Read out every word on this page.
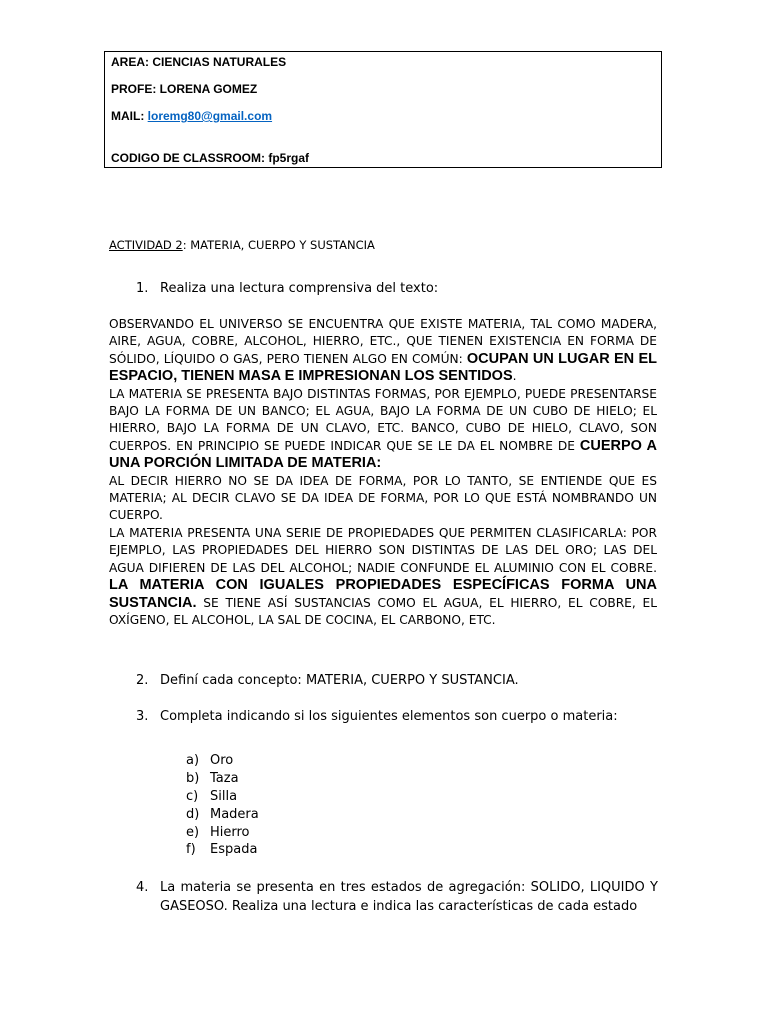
AREA: CIENCIAS NATURALES
PROFE: LORENA GOMEZ
MAIL: loremg80@gmail.com
CODIGO DE CLASSROOM: fp5rgaf
ACTIVIDAD 2: MATERIA, CUERPO Y SUSTANCIA
1. Realiza una lectura comprensiva del texto:

OBSERVANDO EL UNIVERSO SE ENCUENTRA QUE EXISTE MATERIA, TAL COMO MADERA, AIRE, AGUA, COBRE, ALCOHOL, HIERRO, ETC., QUE TIENEN EXISTENCIA EN FORMA DE SÓLIDO, LÍQUIDO O GAS, PERO TIENEN ALGO EN COMÚN: OCUPAN UN LUGAR EN EL ESPACIO, TIENEN MASA E IMPRESIONAN LOS SENTIDOS.

LA MATERIA SE PRESENTA BAJO DISTINTAS FORMAS, POR EJEMPLO, PUEDE PRESENTARSE BAJO LA FORMA DE UN BANCO; EL AGUA, BAJO LA FORMA DE UN CUBO DE HIELO; EL HIERRO, BAJO LA FORMA DE UN CLAVO, ETC. BANCO, CUBO DE HIELO, CLAVO, SON CUERPOS. EN PRINCIPIO SE PUEDE INDICAR QUE SE LE DA EL NOMBRE DE CUERPO A UNA PORCIÓN LIMITADA DE MATERIA:

AL DECIR HIERRO NO SE DA IDEA DE FORMA, POR LO TANTO, SE ENTIENDE QUE ES MATERIA; AL DECIR CLAVO SE DA IDEA DE FORMA, POR LO QUE ESTÁ NOMBRANDO UN CUERPO.

LA MATERIA PRESENTA UNA SERIE DE PROPIEDADES QUE PERMITEN CLASIFICARLA: POR EJEMPLO, LAS PROPIEDADES DEL HIERRO SON DISTINTAS DE LAS DEL ORO; LAS DEL AGUA DIFIEREN DE LAS DEL ALCOHOL; NADIE CONFUNDE EL ALUMINIO CON EL COBRE. LA MATERIA CON IGUALES PROPIEDADES ESPECÍFICAS FORMA UNA SUSTANCIA. SE TIENE ASÍ SUSTANCIAS COMO EL AGUA, EL HIERRO, EL COBRE, EL OXÍGENO, EL ALCOHOL, LA SAL DE COCINA, EL CARBONO, ETC.

2. Definí cada concepto: MATERIA, CUERPO Y SUSTANCIA.
3. Completa indicando si los siguientes elementos son cuerpo o materia:
a) Oro
b) Taza
c) Silla
d) Madera
e) Hierro
f) Espada
4. La materia se presenta en tres estados de agregación: SOLIDO, LIQUIDO Y GASEOSO. Realiza una lectura e indica las características de cada estado
